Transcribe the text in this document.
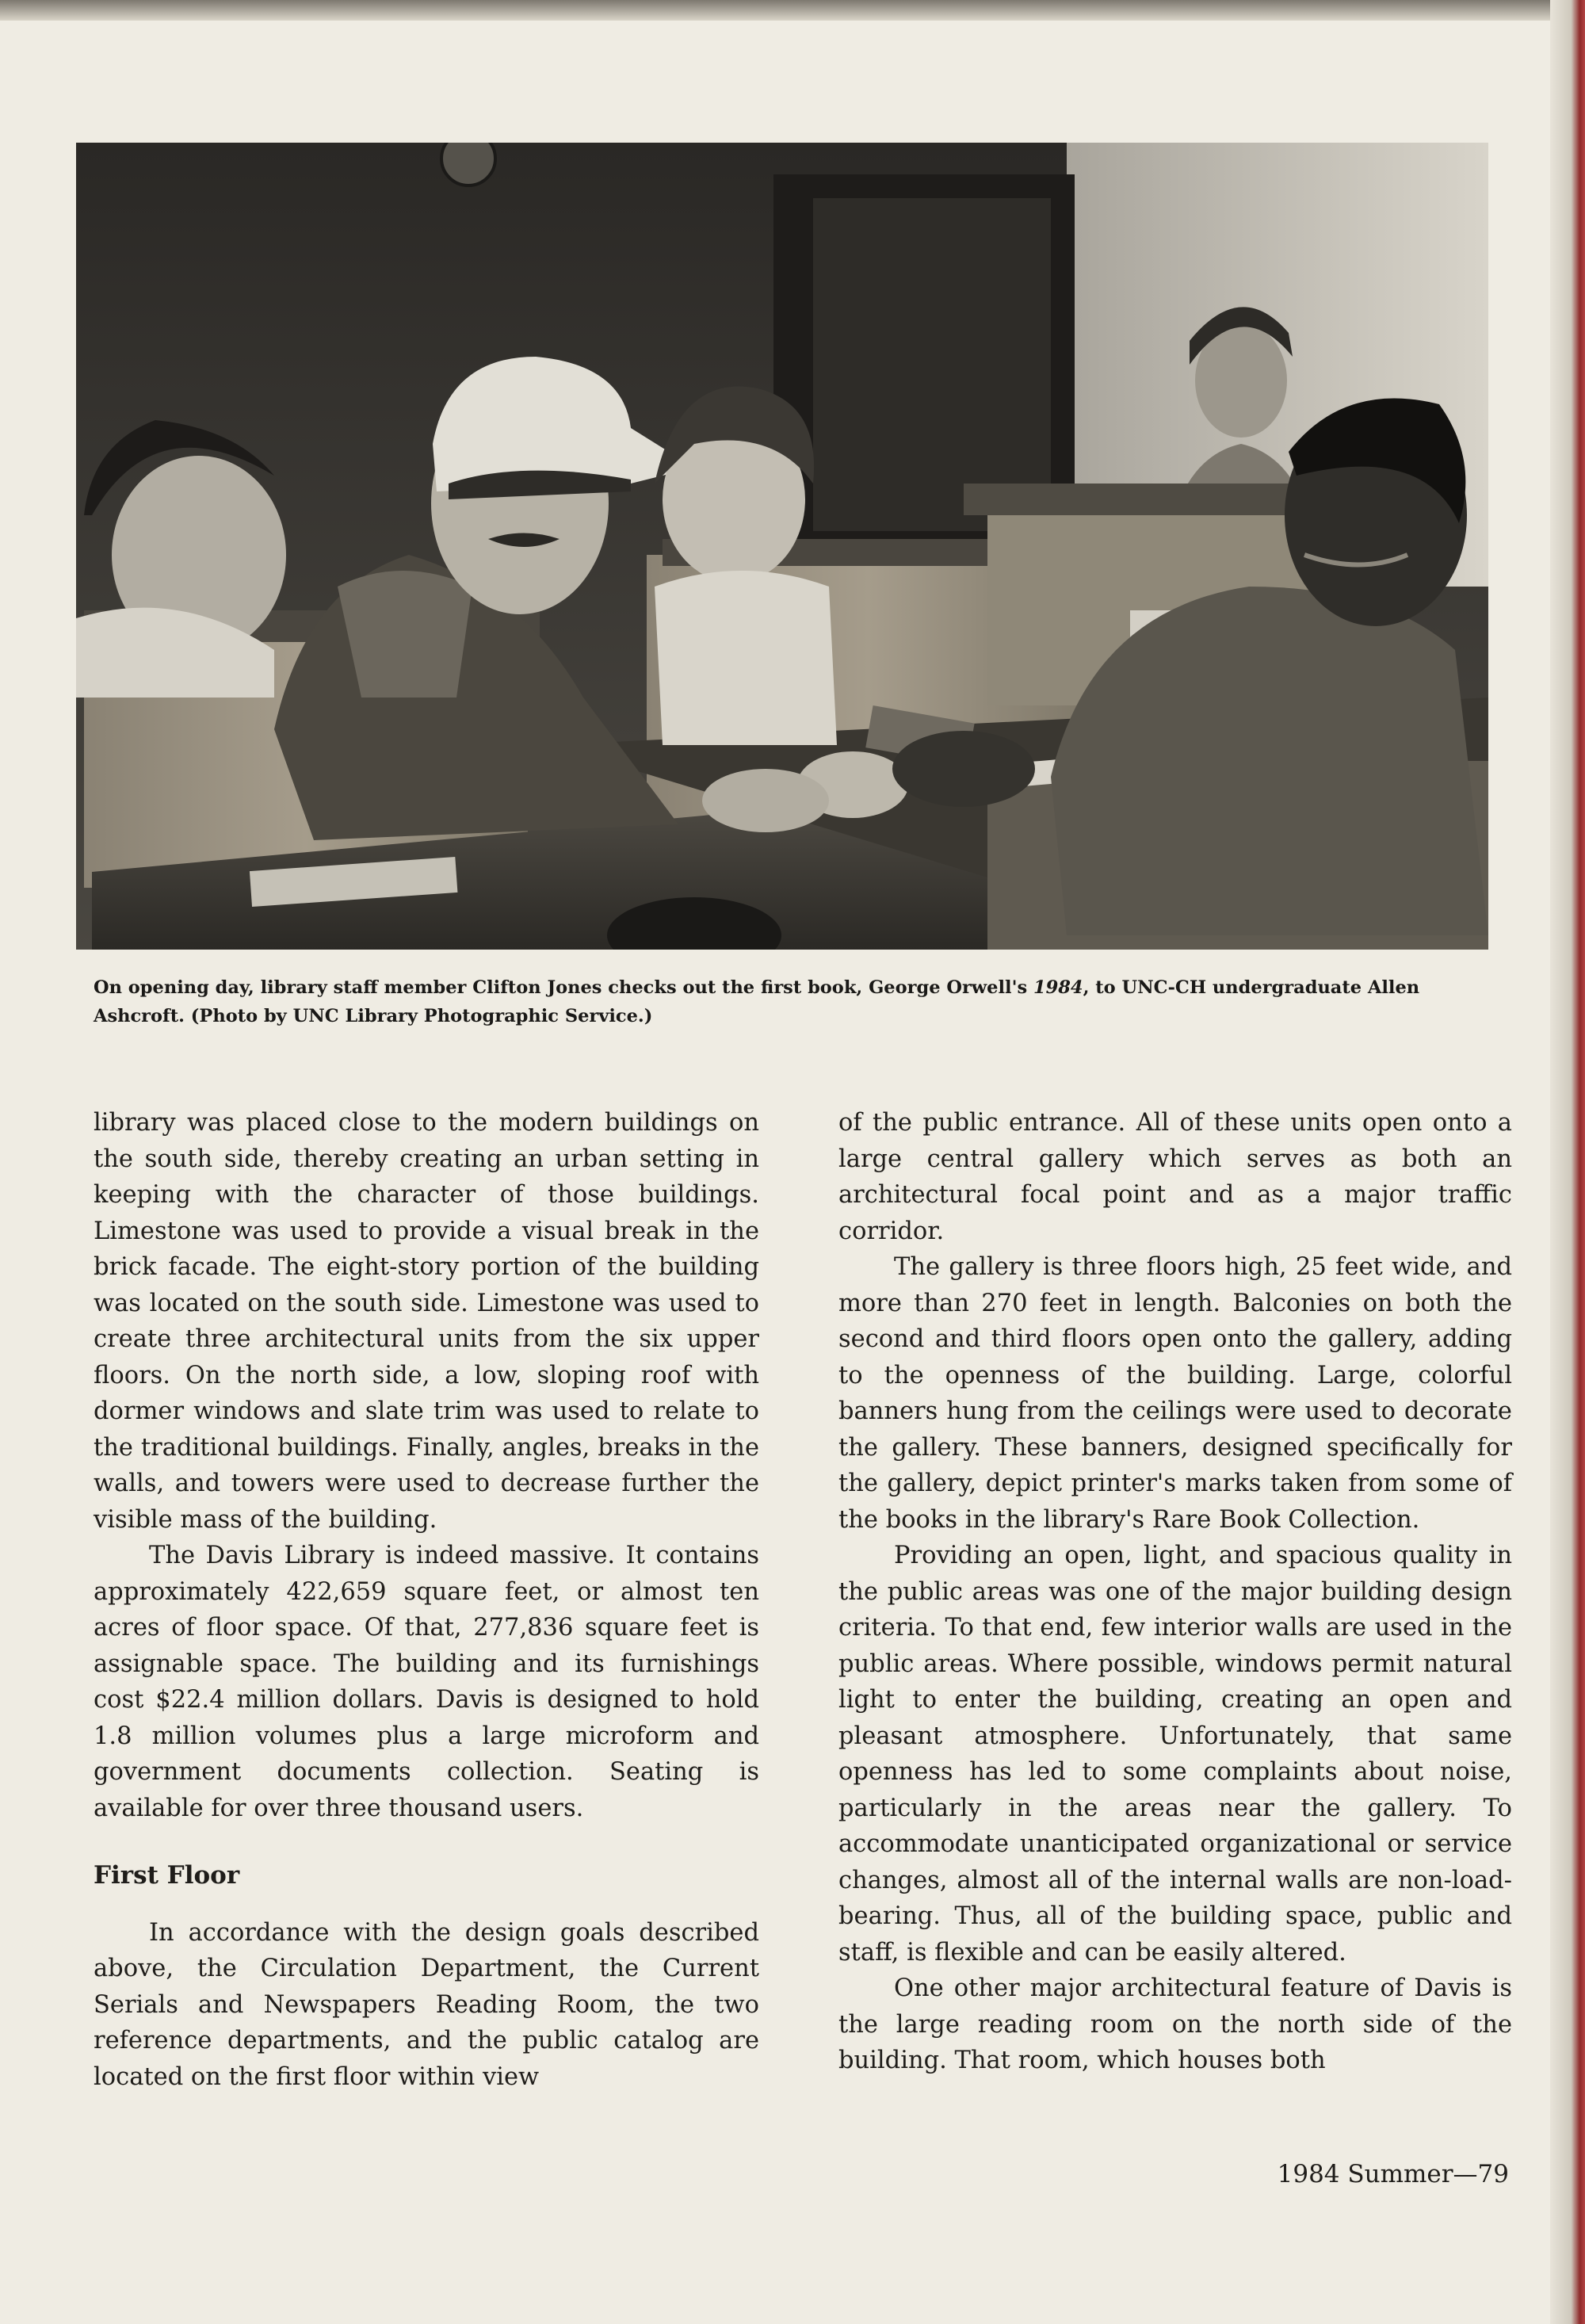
On opening day, library staff member Clifton Jones checks out the first book, George Orwell's 1984, to UNC-CH undergraduate Allen Ashcroft. (Photo by UNC Library Photographic Service.)

library was placed close to the modern buildings on the south side, thereby creating an urban setting in keeping with the character of those buildings. Limestone was used to provide a visual break in the brick facade. The eight-story portion of the building was located on the south side. Limestone was used to create three architectural units from the six upper floors. On the north side, a low, sloping roof with dormer windows and slate trim was used to relate to the traditional buildings. Finally, angles, breaks in the walls, and towers were used to decrease further the visible mass of the building.

The Davis Library is indeed massive. It contains approximately 422,659 square feet, or almost ten acres of floor space. Of that, 277,836 square feet is assignable space. The building and its furnishings cost $22.4 million dollars. Davis is designed to hold 1.8 million volumes plus a large microform and government documents collection. Seating is available for over three thousand users.

First Floor

In accordance with the design goals described above, the Circulation Department, the Current Serials and Newspapers Reading Room, the two reference departments, and the public catalog are located on the first floor within view

of the public entrance. All of these units open onto a large central gallery which serves as both an architectural focal point and as a major traffic corridor.

The gallery is three floors high, 25 feet wide, and more than 270 feet in length. Balconies on both the second and third floors open onto the gallery, adding to the openness of the building. Large, colorful banners hung from the ceilings were used to decorate the gallery. These banners, designed specifically for the gallery, depict printer's marks taken from some of the books in the library's Rare Book Collection.

Providing an open, light, and spacious quality in the public areas was one of the major building design criteria. To that end, few interior walls are used in the public areas. Where possible, windows permit natural light to enter the building, creating an open and pleasant atmosphere. Unfortunately, that same openness has led to some complaints about noise, particularly in the areas near the gallery. To accommodate unanticipated organizational or service changes, almost all of the internal walls are non-load-bearing. Thus, all of the building space, public and staff, is flexible and can be easily altered.

One other major architectural feature of Davis is the large reading room on the north side of the building. That room, which houses both

1984 Summer—79
